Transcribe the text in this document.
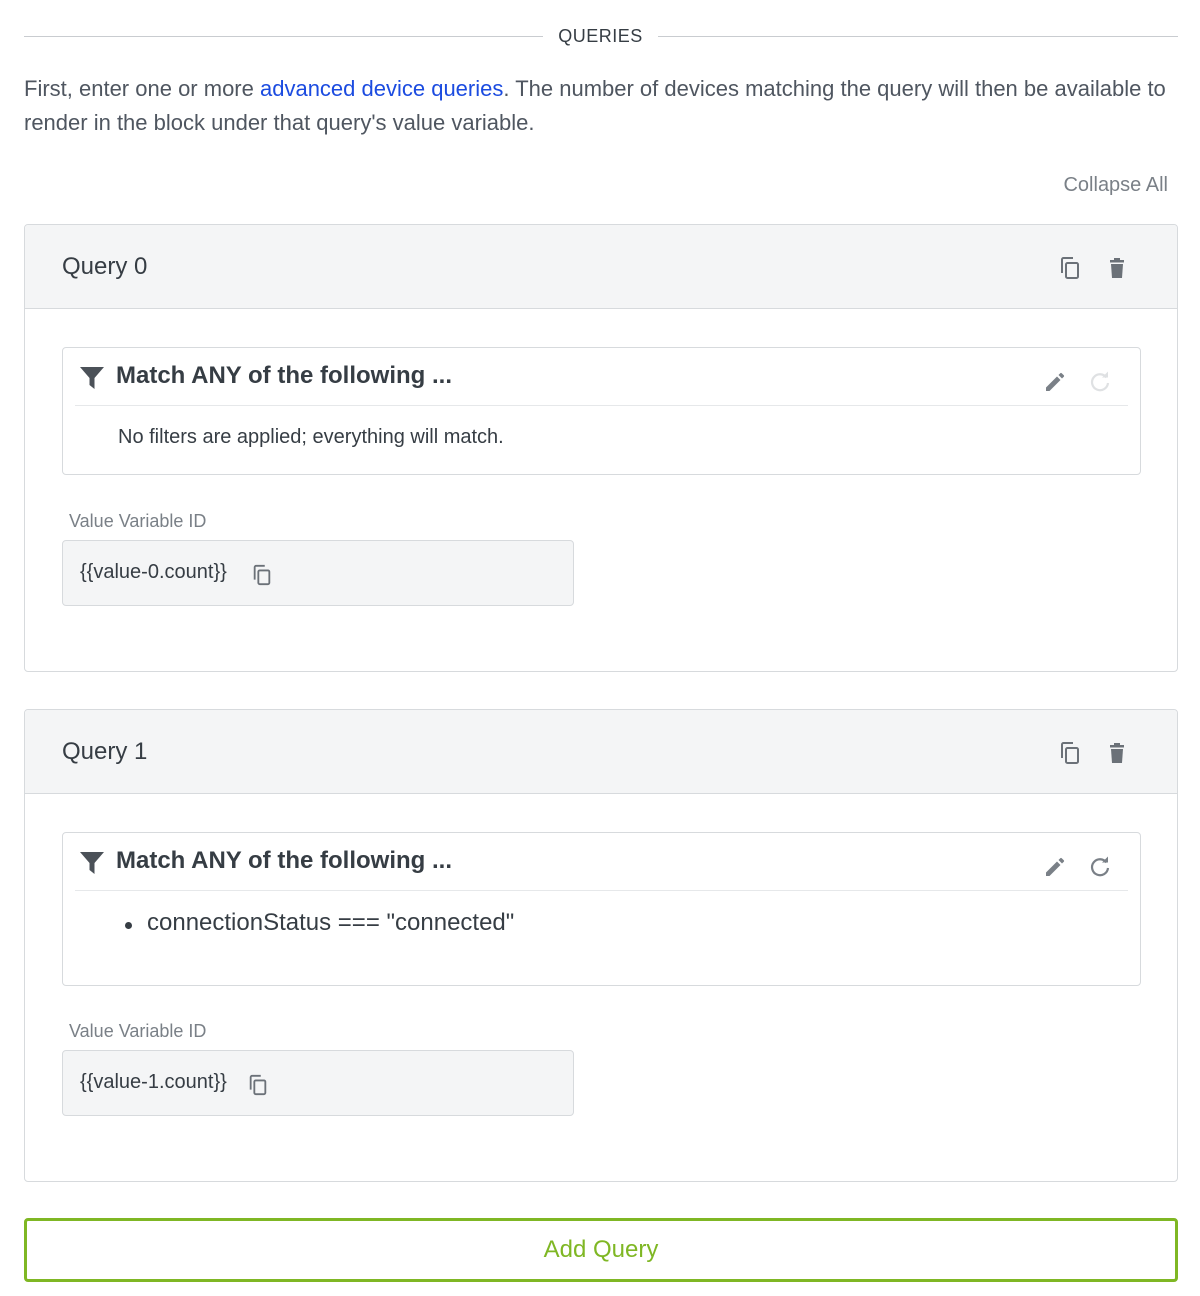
QUERIES

First, enter one or more advanced device queries. The number of devices matching the query will then be available to render in the block under that query's value variable.

Collapse All
Query 0
Match ANY of the following ...
No filters are applied; everything will match.
Value Variable ID
{{value-0.count}}
Query 1
Match ANY of the following ...
connectionStatus === "connected"
Value Variable ID
{{value-1.count}}
Add Query
